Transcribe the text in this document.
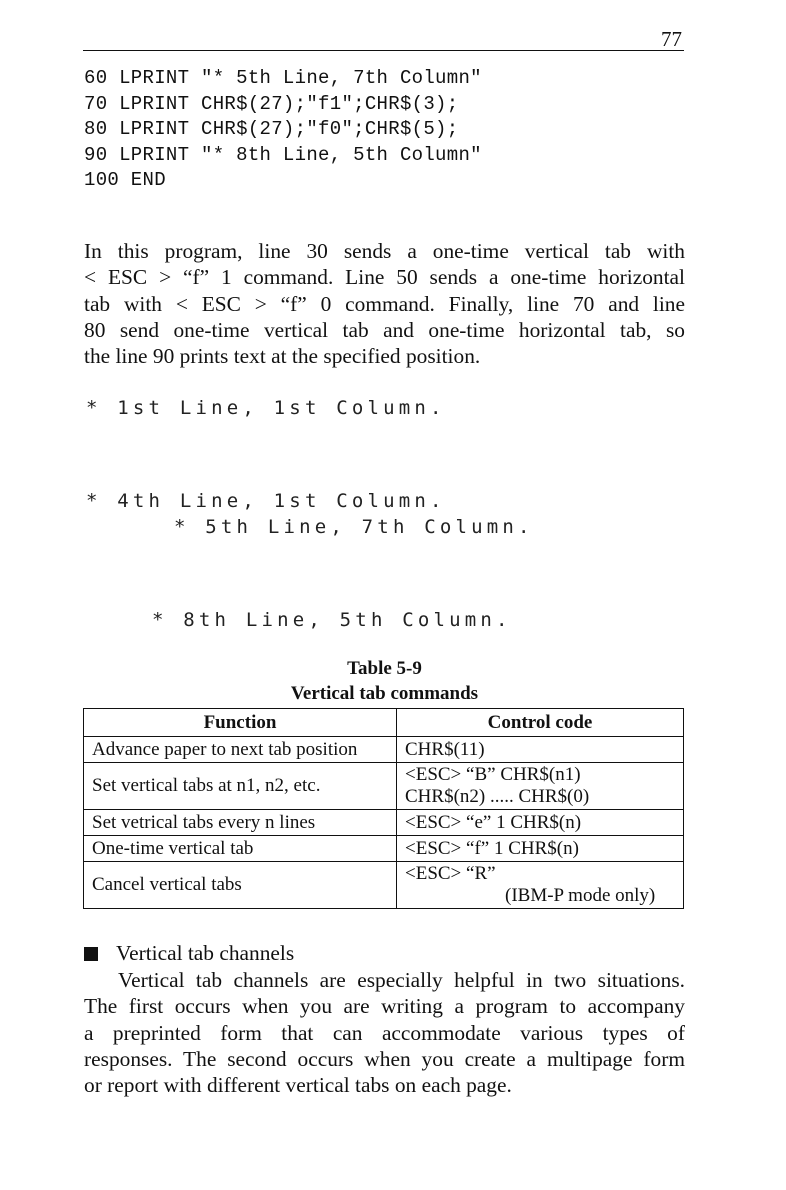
77
60 LPRINT "* 5th Line, 7th Column"
70 LPRINT CHR$(27);"f1";CHR$(3);
80 LPRINT CHR$(27);"f0";CHR$(5);
90 LPRINT "* 8th Line, 5th Column"
100 END
In this program, line 30 sends a one-time vertical tab with
< ESC > “f” 1 command. Line 50 sends a one-time horizontal
tab with < ESC > “f” 0 command. Finally, line 70 and line
80 send one-time vertical tab and one-time horizontal tab, so
the line 90 prints text at the specified position.
* 1st Line, 1st Column.
* 4th Line, 1st Column.
* 5th Line, 7th Column.
* 8th Line, 5th Column.
Table 5-9
Vertical tab commands
Function	Control code
Advance paper to next tab position	CHR$(11)

Set vertical tabs at n1, n2, etc.	<ESC> “B” CHR$(n1)
CHR$(n2) ..... CHR$(0)

Set vetrical tabs every n lines	<ESC> “e” 1 CHR$(n)

One-time vertical tab	<ESC> “f” 1 CHR$(n)

Cancel vertical tabs	<ESC> “R”
(IBM-P mode only)
Vertical tab channels
Vertical tab channels are especially helpful in two situations.
The first occurs when you are writing a program to accompany
a preprinted form that can accommodate various types of
responses. The second occurs when you create a multipage form
or report with different vertical tabs on each page.
